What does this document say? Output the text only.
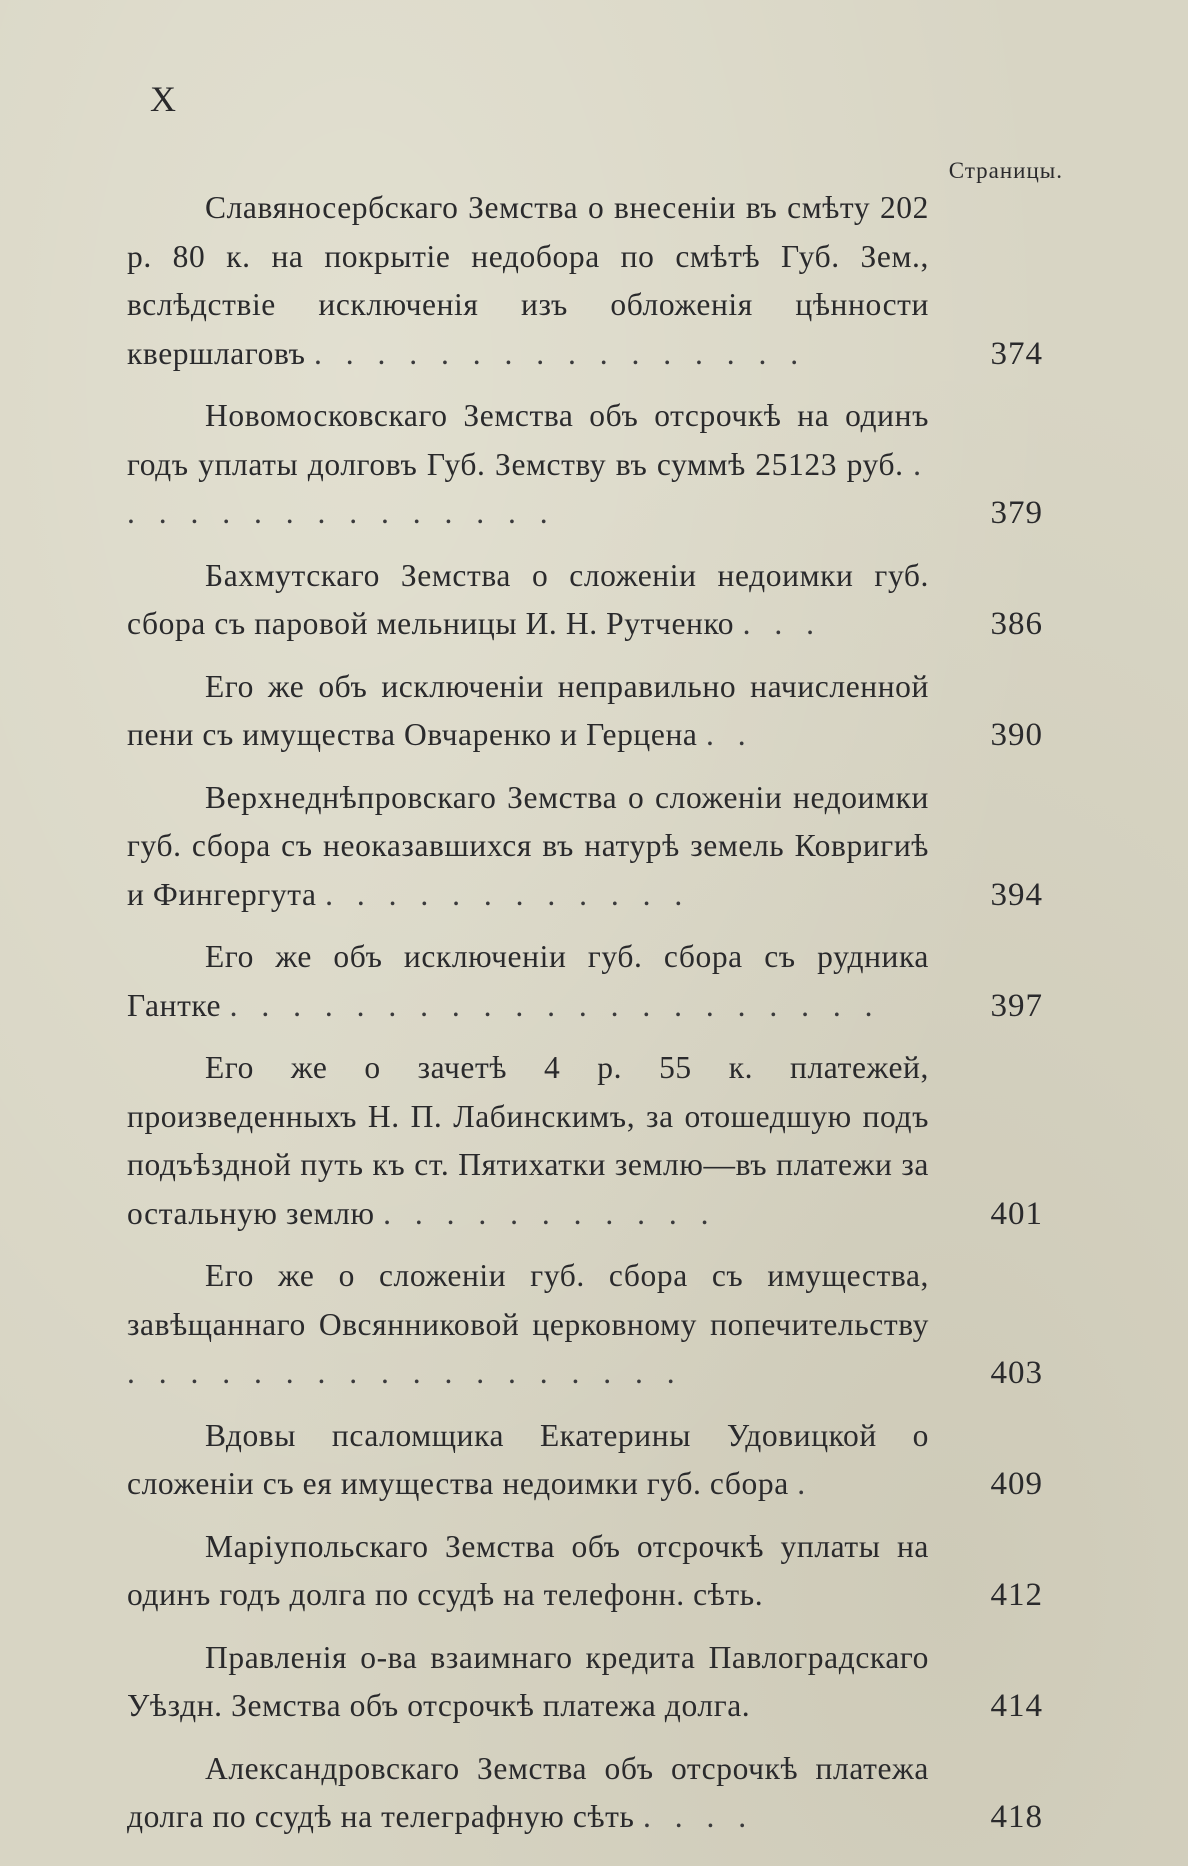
X
Страницы.
Славяносербскаго Земства о внесенiи въ смѣту 202 р. 80 к. на покрытiе недобора по смѣтѣ Губ. Зем., вслѣдствiе исключенiя изъ обложенiя цѣнности квершлаговъ . . . . . . . . . . . . . . . .	374
Новомосковскаго Земства объ отсрочкѣ на одинъ годъ уплаты долговъ Губ. Земству въ суммѣ 25123 руб. . . . . . . . . . . . . . . .	379
Бахмутскаго Земства о сложенiи недоимки губ. сбора съ паровой мельницы И. Н. Рутченко . . .	386
Его же объ исключенiи неправильно начисленной пени съ имущества Овчаренко и Герцена . .	390
Верхнеднѣпровскаго Земства о сложенiи недоимки губ. сбора съ неоказавшихся въ натурѣ земель Ковригиѣ и Фингергута . . . . . . . . . . . .	394
Его же объ исключенiи губ. сбора съ рудника Гантке . . . . . . . . . . . . . . . . . . . . .	397
Его же о зачетѣ 4 р. 55 к. платежей, произведенныхъ Н. П. Лабинскимъ, за отошедшую подъ подъѣздной путь къ ст. Пятихатки землю—въ платежи за остальную землю . . . . . . . . . . .	401
Его же о сложенiи губ. сбора съ имущества, завѣщаннаго Овсянниковой церковному попечительству . . . . . . . . . . . . . . . . . .	403
Вдовы псаломщика Екатерины Удовицкой о сложенiи съ ея имущества недоимки губ. сбора .	409
Марiупольскаго Земства объ отсрочкѣ уплаты на одинъ годъ долга по ссудѣ на телефонн. сѣть.	412
Правленiя о-ва взаимнаго кредита Павлоградскаго Уѣздн. Земства объ отсрочкѣ платежа долга.	414
Александровскаго Земства объ отсрочкѣ платежа долга по ссудѣ на телеграфную сѣть . . . .	418
